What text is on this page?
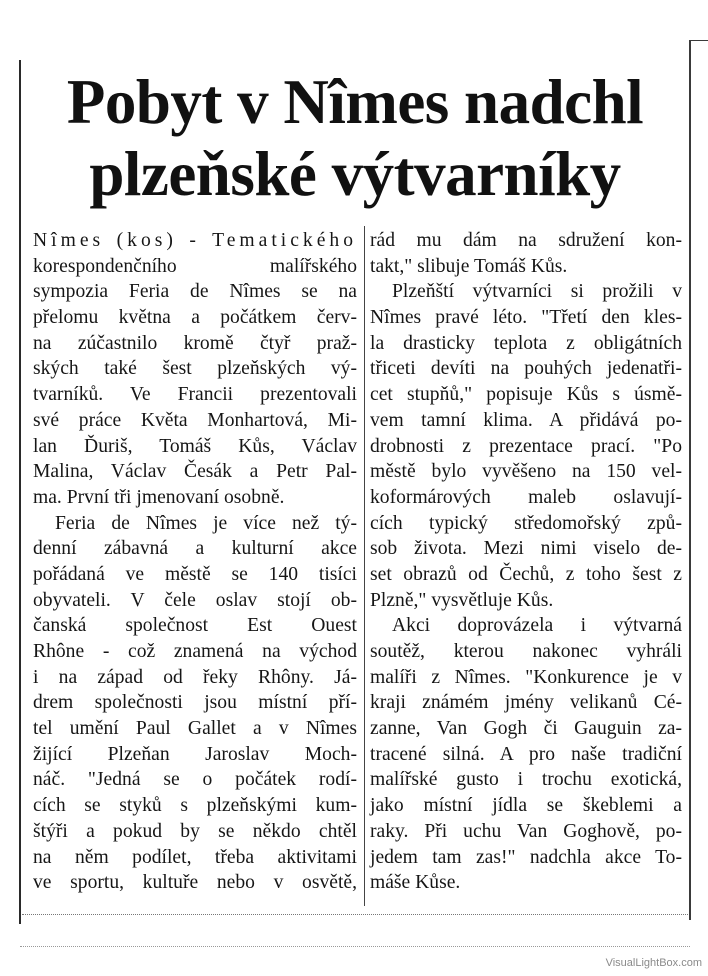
Pobyt v Nîmes nadchl
plzeňské výtvarníky
Nîmes (kos) - Tematického
korespondenčního malířského
sympozia Feria de Nîmes se na
přelomu května a počátkem červ-
na zúčastnilo kromě čtyř praž-
ských také šest plzeňských vý-
tvarníků. Ve Francii prezentovali
své práce Květa Monhartová, Mi-
lan Ďuriš, Tomáš Kůs, Václav
Malina, Václav Česák a Petr Pal-
ma. První tři jmenovaní osobně.
Feria de Nîmes je více než tý-
denní zábavná a kulturní akce
pořádaná ve městě se 140 tisíci
obyvateli. V čele oslav stojí ob-
čanská společnost Est Ouest
Rhône - což znamená na východ
i na západ od řeky Rhôny. Já-
drem společnosti jsou místní pří-
tel umění Paul Gallet a v Nîmes
žijící Plzeňan Jaroslav Moch-
náč. "Jedná se o počátek rodí-
cích se styků s plzeňskými kum-
štýři a pokud by se někdo chtěl
na něm podílet, třeba aktivitami
ve sportu, kultuře nebo v osvětě,
rád mu dám na sdružení kon-
takt," slibuje Tomáš Kůs.
Plzeňští výtvarníci si prožili v
Nîmes pravé léto. "Třetí den kles-
la drasticky teplota z obligátních
třiceti devíti na pouhých jedenatři-
cet stupňů," popisuje Kůs s úsmě-
vem tamní klima. A přidává po-
drobnosti z prezentace prací. "Po
městě bylo vyvěšeno na 150 vel-
koformárových maleb oslavují-
cích typický středomořský způ-
sob života. Mezi nimi viselo de-
set obrazů od Čechů, z toho šest z
Plzně," vysvětluje Kůs.
Akci doprovázela i výtvarná
soutěž, kterou nakonec vyhráli
malíři z Nîmes. "Konkurence je v
kraji známém jmény velikanů Cé-
zanne, Van Gogh či Gauguin za-
tracené silná. A pro naše tradiční
malířské gusto i trochu exotická,
jako místní jídla se škeblemi a
raky. Při uchu Van Goghově, po-
jedem tam zas!" nadchla akce To-
máše Kůse.
VisualLightBox.com
